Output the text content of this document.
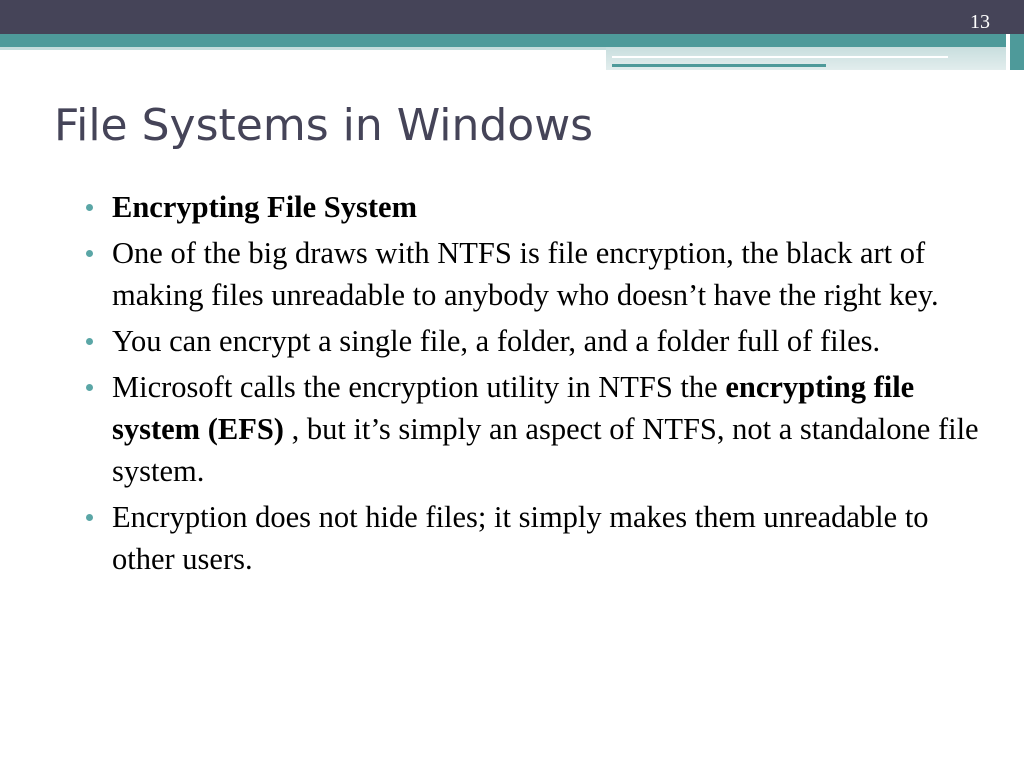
13
File Systems in Windows
Encrypting File System
One of the big draws with NTFS is file encryption, the black art of making files unreadable to anybody who doesn’t have the right key.
You can encrypt a single file, a folder, and a folder full of files.
Microsoft calls the encryption utility in NTFS the encrypting file system (EFS) , but it’s simply an aspect of NTFS, not a standalone file system.
Encryption does not hide files; it simply makes them unreadable to other users.
